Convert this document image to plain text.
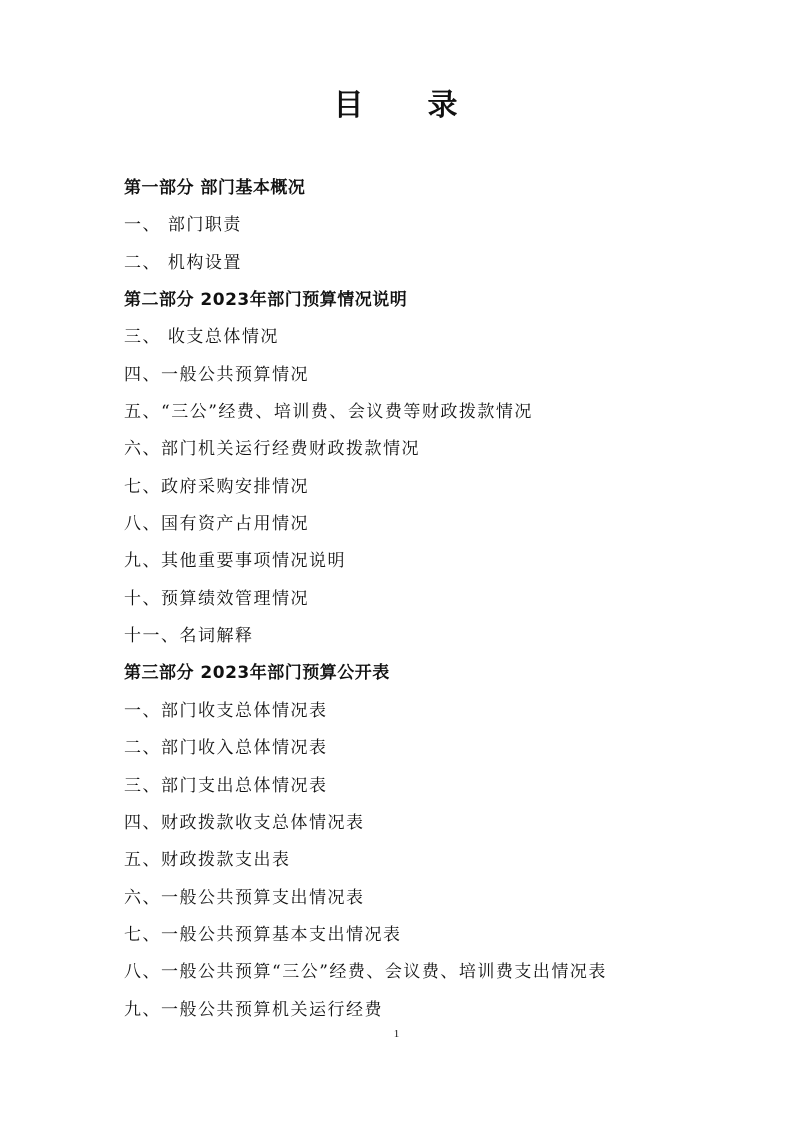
目 录
第一部分 部门基本概况
一、 部门职责
二、 机构设置
第二部分 2023年部门预算情况说明
三、 收支总体情况
四、一般公共预算情况
五、“三公”经费、培训费、会议费等财政拨款情况
六、部门机关运行经费财政拨款情况
七、政府采购安排情况
八、国有资产占用情况
九、其他重要事项情况说明
十、预算绩效管理情况
十一、名词解释
第三部分 2023年部门预算公开表
一、部门收支总体情况表
二、部门收入总体情况表
三、部门支出总体情况表
四、财政拨款收支总体情况表
五、财政拨款支出表
六、一般公共预算支出情况表
七、一般公共预算基本支出情况表
八、一般公共预算“三公”经费、会议费、培训费支出情况表
九、一般公共预算机关运行经费
1
